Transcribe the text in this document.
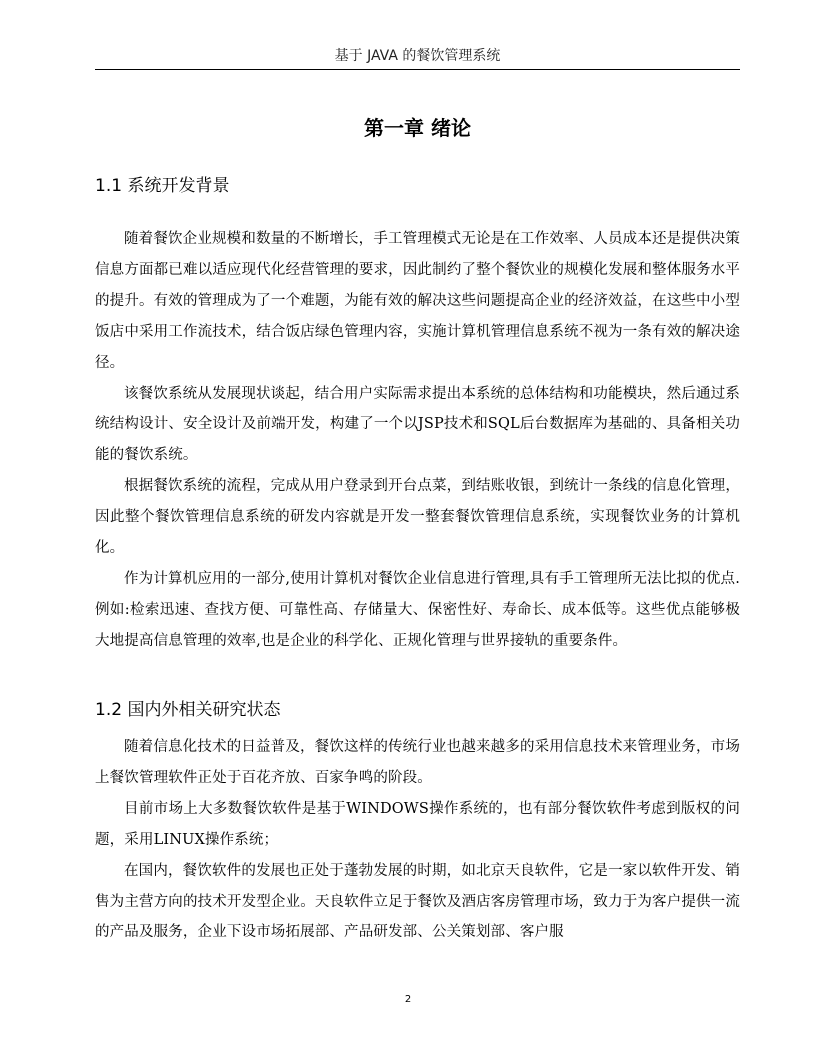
基于 JAVA 的餐饮管理系统
第一章 绪论
1.1 系统开发背景

随着餐饮企业规模和数量的不断增长，手工管理模式无论是在工作效率、人员成本还是提供决策信息方面都已难以适应现代化经营管理的要求，因此制约了整个餐饮业的规模化发展和整体服务水平的提升。有效的管理成为了一个难题，为能有效的解决这些问题提高企业的经济效益，在这些中小型饭店中采用工作流技术，结合饭店绿色管理内容，实施计算机管理信息系统不视为一条有效的解决途径。

该餐饮系统从发展现状谈起，结合用户实际需求提出本系统的总体结构和功能模块，然后通过系统结构设计、安全设计及前端开发，构建了一个以JSP技术和SQL后台数据库为基础的、具备相关功能的餐饮系统。

根据餐饮系统的流程，完成从用户登录到开台点菜，到结账收银，到统计一条线的信息化管理，因此整个餐饮管理信息系统的研发内容就是开发一整套餐饮管理信息系统，实现餐饮业务的计算机化。

作为计算机应用的一部分,使用计算机对餐饮企业信息进行管理,具有手工管理所无法比拟的优点.例如:检索迅速、查找方便、可靠性高、存储量大、保密性好、寿命长、成本低等。这些优点能够极大地提高信息管理的效率,也是企业的科学化、正规化管理与世界接轨的重要条件。

1.2 国内外相关研究状态

随着信息化技术的日益普及，餐饮这样的传统行业也越来越多的采用信息技术来管理业务，市场上餐饮管理软件正处于百花齐放、百家争鸣的阶段。

目前市场上大多数餐饮软件是基于WINDOWS操作系统的，也有部分餐饮软件考虑到版权的问题，采用LINUX操作系统；

在国内，餐饮软件的发展也正处于蓬勃发展的时期，如北京天良软件，它是一家以软件开发、销售为主营方向的技术开发型企业。天良软件立足于餐饮及酒店客房管理市场，致力于为客户提供一流的产品及服务，企业下设市场拓展部、产品研发部、公关策划部、客户服

2
